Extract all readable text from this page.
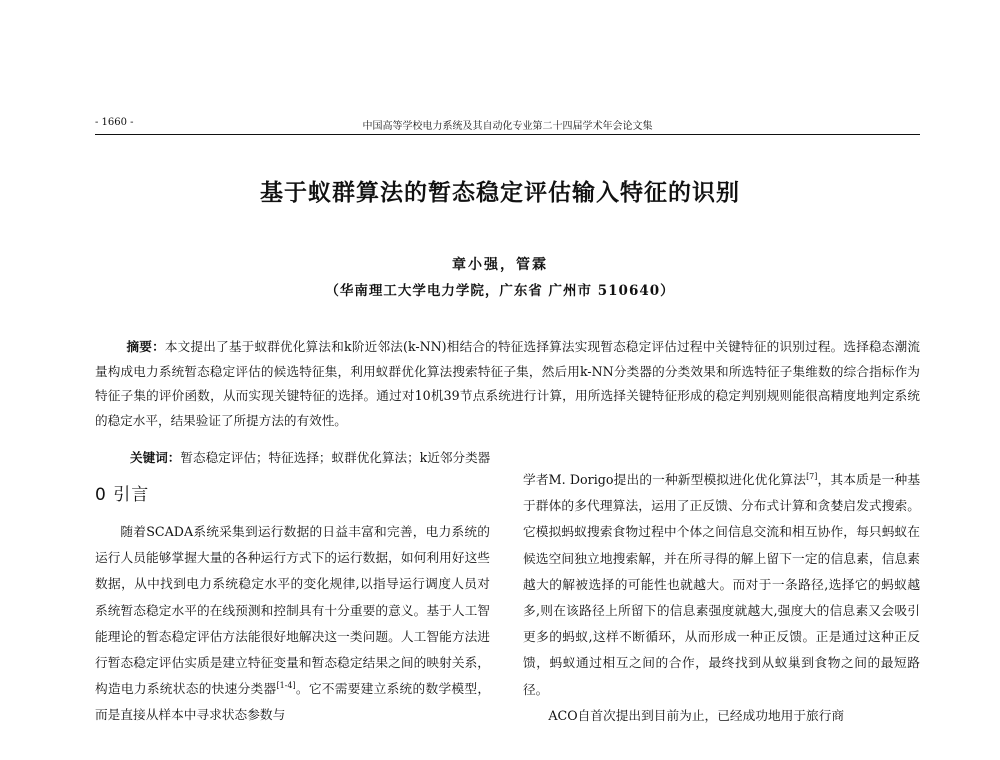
- 1660 -	中国高等学校电力系统及其自动化专业第二十四届学术年会论文集
基于蚁群算法的暂态稳定评估输入特征的识别
章小强，管霖
（华南理工大学电力学院，广东省 广州市 510640）
摘要：本文提出了基于蚁群优化算法和k阶近邻法(k-NN)相结合的特征选择算法实现暂态稳定评估过程中关键特征的识别过程。选择稳态潮流量构成电力系统暂态稳定评估的候选特征集，利用蚁群优化算法搜索特征子集，然后用k-NN分类器的分类效果和所选特征子集维数的综合指标作为特征子集的评价函数，从而实现关键特征的选择。通过对10机39节点系统进行计算，用所选择关键特征形成的稳定判别规则能很高精度地判定系统的稳定水平，结果验证了所提方法的有效性。
关键词：暂态稳定评估；特征选择；蚁群优化算法；k近邻分类器
0 引言

随着SCADA系统采集到运行数据的日益丰富和完善，电力系统的运行人员能够掌握大量的各种运行方式下的运行数据，如何利用好这些数据，从中找到电力系统稳定水平的变化规律,以指导运行调度人员对系统暂态稳定水平的在线预测和控制具有十分重要的意义。基于人工智能理论的暂态稳定评估方法能很好地解决这一类问题。人工智能方法进行暂态稳定评估实质是建立特征变量和暂态稳定结果之间的映射关系，构造电力系统状态的快速分类器[1-4]。它不需要建立系统的数学模型，而是直接从样本中寻求状态参数与

学者M. Dorigo提出的一种新型模拟进化优化算法[7]，其本质是一种基于群体的多代理算法，运用了正反馈、分布式计算和贪婪启发式搜索。它模拟蚂蚁搜索食物过程中个体之间信息交流和相互协作，每只蚂蚁在候选空间独立地搜索解，并在所寻得的解上留下一定的信息素，信息素越大的解被选择的可能性也就越大。而对于一条路径,选择它的蚂蚁越多,则在该路径上所留下的信息素强度就越大,强度大的信息素又会吸引更多的蚂蚁,这样不断循环，从而形成一种正反馈。正是通过这种正反馈，蚂蚁通过相互之间的合作，最终找到从蚁巢到食物之间的最短路径。

ACO自首次提出到目前为止，已经成功地用于旅行商
